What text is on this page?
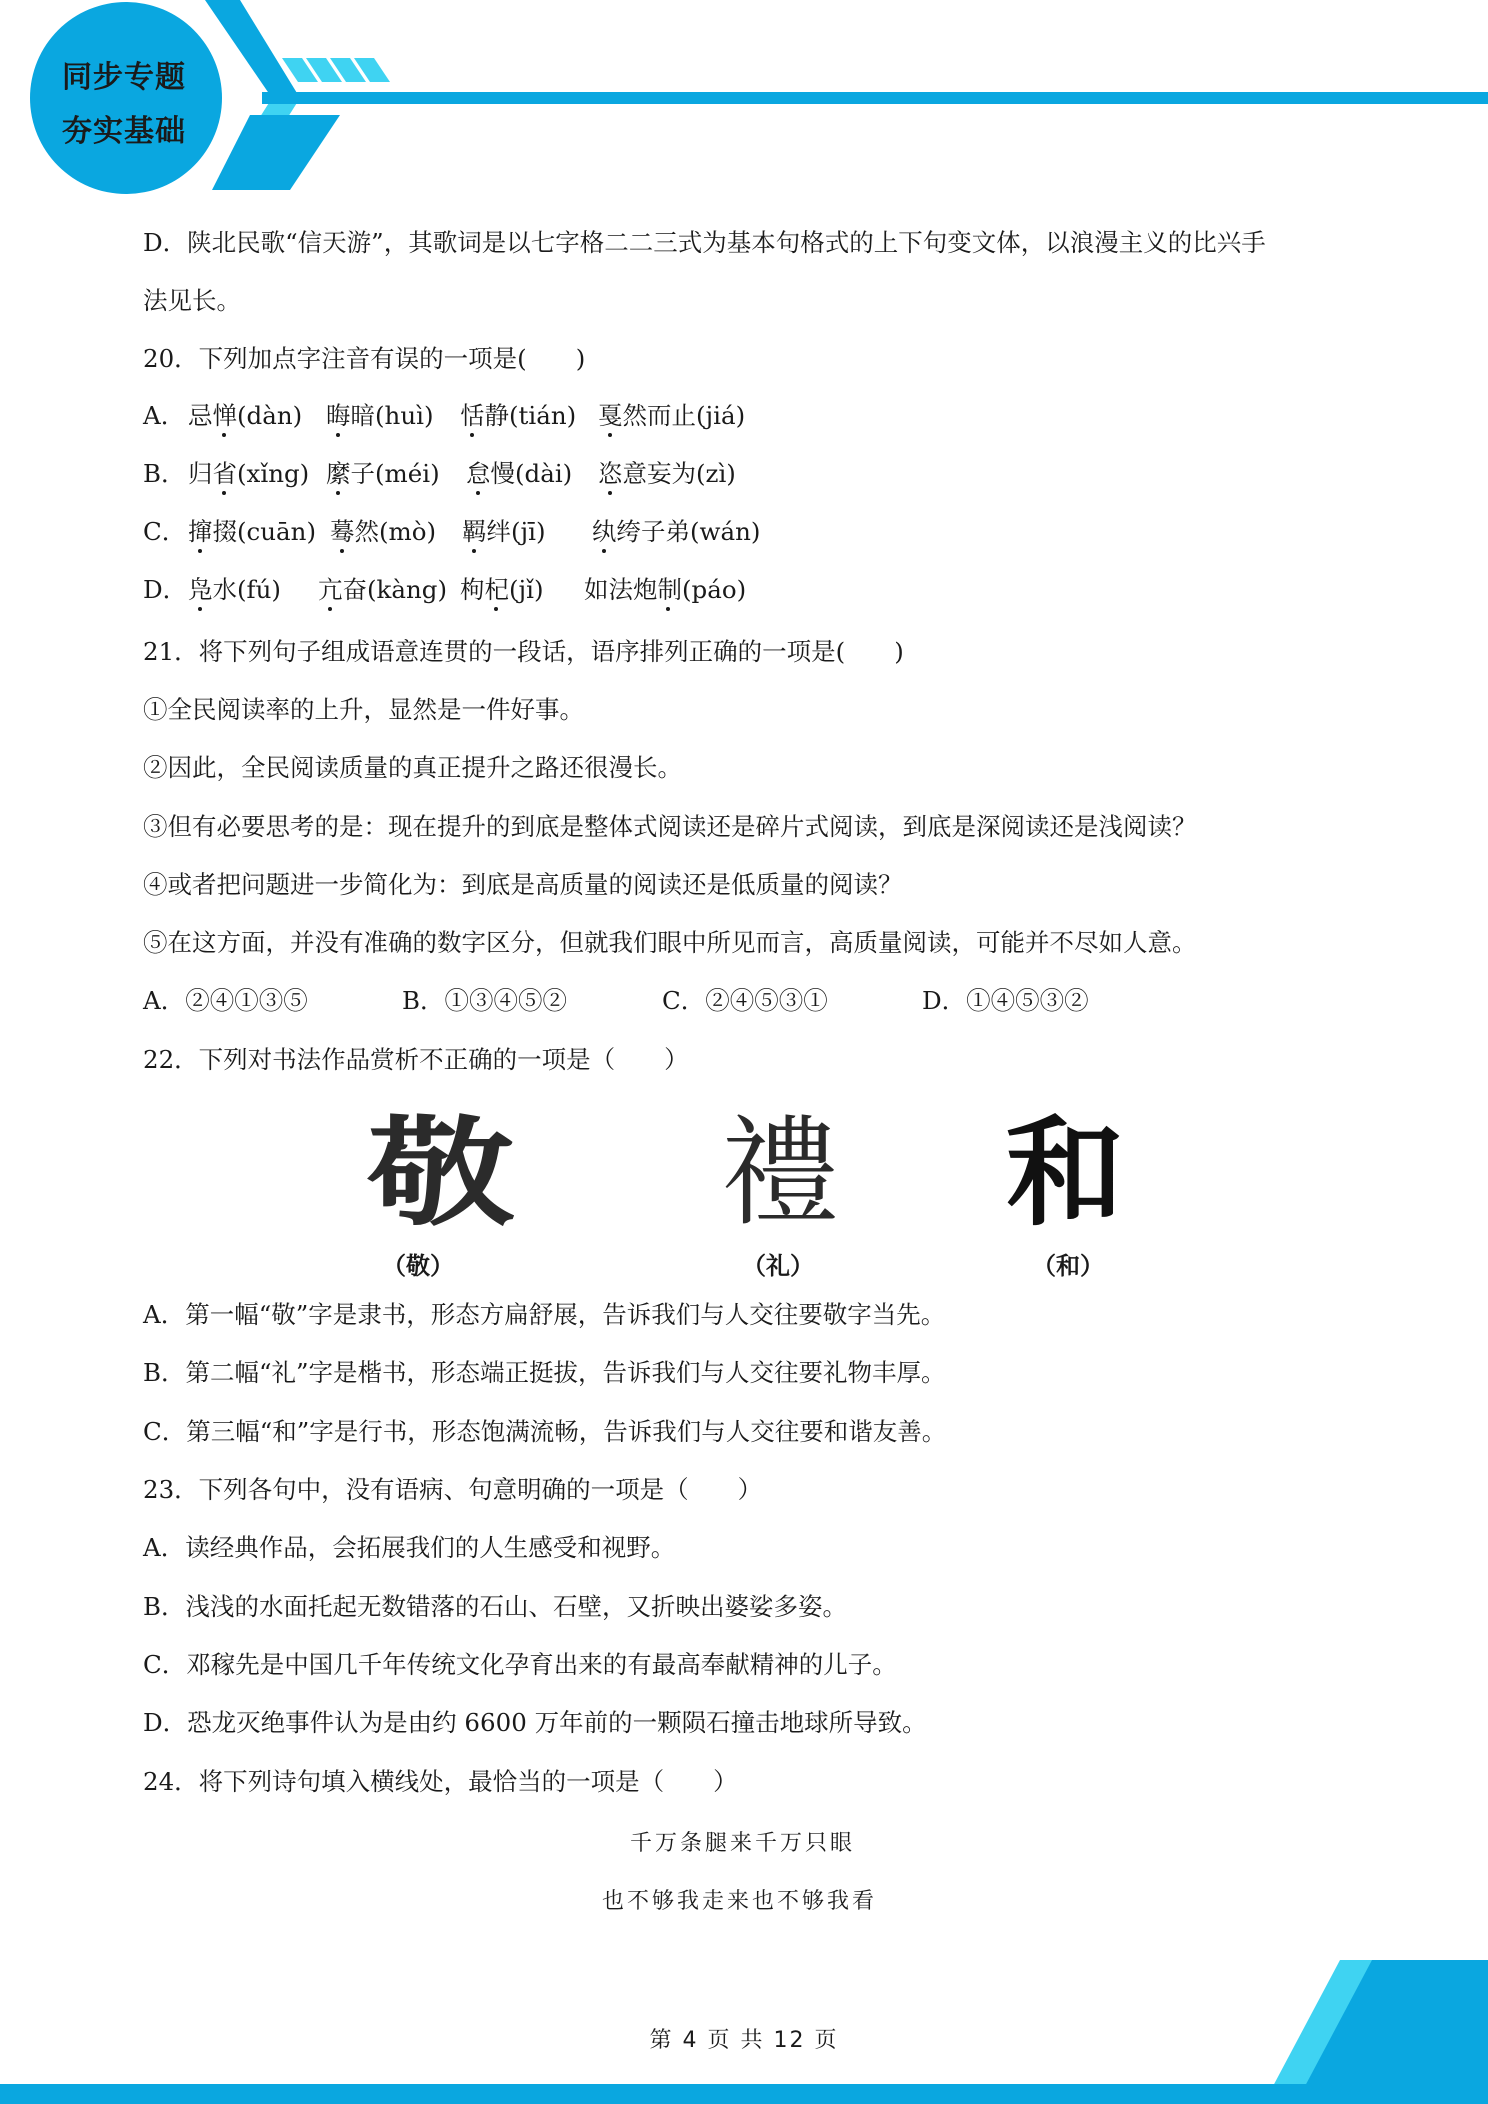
同步专题
夯实基础
D．陕北民歌“信天游”，其歌词是以七字格二二三式为基本句格式的上下句变文体，以浪漫主义的比兴手
法见长。
20．下列加点字注音有误的一项是(　　)
A． 忌惮(dàn) 晦暗(huì) 恬静(tián) 戛然而止(jiá)
B． 归省(xǐng) 縻子(méi) 怠慢(dài) 恣意妄为(zì)
C． 撺掇(cuān) 蓦然(mò) 羁绊(jī) 纨绔子弟(wán)
D． 凫水(fú) 亢奋(kàng) 枸杞(jǐ) 如法炮制(páo)
21．将下列句子组成语意连贯的一段话，语序排列正确的一项是(　　)
①全民阅读率的上升，显然是一件好事。
②因此，全民阅读质量的真正提升之路还很漫长。
③但有必要思考的是：现在提升的到底是整体式阅读还是碎片式阅读，到底是深阅读还是浅阅读？
④或者把问题进一步简化为：到底是高质量的阅读还是低质量的阅读？
⑤在这方面，并没有准确的数字区分，但就我们眼中所见而言，高质量阅读，可能并不尽如人意。
A．②④①③⑤	B．①③④⑤②	C．②④⑤③①	D．①④⑤③②
22．下列对书法作品赏析不正确的一项是（　　）
敬	禮 和
（敬）	（礼）	（和）
A．第一幅“敬”字是隶书，形态方扁舒展，告诉我们与人交往要敬字当先。
B．第二幅“礼”字是楷书，形态端正挺拔，告诉我们与人交往要礼物丰厚。
C．第三幅“和”字是行书，形态饱满流畅，告诉我们与人交往要和谐友善。
23．下列各句中，没有语病、句意明确的一项是（　　）
A．读经典作品，会拓展我们的人生感受和视野。
B．浅浅的水面托起无数错落的石山、石壁，又折映出婆娑多姿。
C．邓稼先是中国几千年传统文化孕育出来的有最高奉献精神的儿子。
D．恐龙灭绝事件认为是由约 6600 万年前的一颗陨石撞击地球所导致。
24．将下列诗句填入横线处，最恰当的一项是（　　）
千万条腿来千万只眼
也不够我走来也不够我看
第 4 页 共 12 页
